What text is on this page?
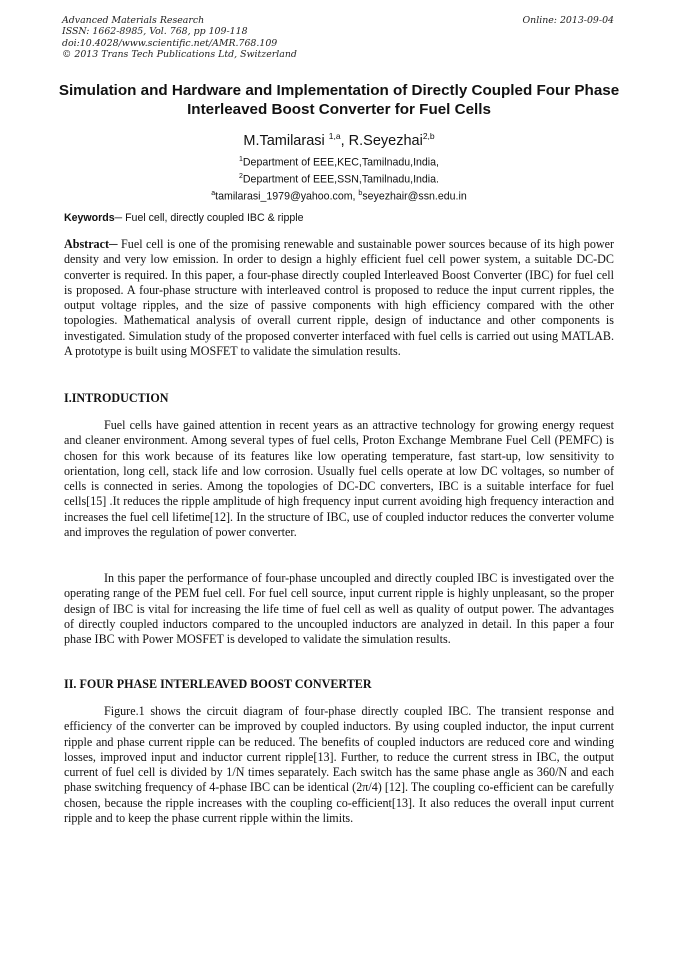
Advanced Materials Research
ISSN: 1662-8985, Vol. 768, pp 109-118
doi:10.4028/www.scientific.net/AMR.768.109
© 2013 Trans Tech Publications Ltd, Switzerland
Online: 2013-09-04
Simulation and Hardware and Implementation of Directly Coupled Four Phase Interleaved Boost Converter for Fuel Cells
M.Tamilarasi $^{1,a}$, R.Seyezhai$^{2,b}$
$^1$Department of EEE,KEC,Tamilnadu,India,
$^2$Department of EEE,SSN,Tamilnadu,India.
$^a$tamilarasi_1979@yahoo.com, $^b$seyezhair@ssn.edu.in
Keywords─ Fuel cell, directly coupled IBC & ripple
Abstract─ Fuel cell is one of the promising renewable and sustainable power sources because of its high power density and very low emission. In order to design a highly efficient fuel cell power system, a suitable DC-DC converter is required. In this paper, a four-phase directly coupled Interleaved Boost Converter (IBC) for fuel cell is proposed. A four-phase structure with interleaved control is proposed to reduce the input current ripples, the output voltage ripples, and the size of passive components with high efficiency compared with the other topologies. Mathematical analysis of overall current ripple, design of inductance and other components is investigated. Simulation study of the proposed converter interfaced with fuel cells is carried out using MATLAB. A prototype is built using MOSFET to validate the simulation results.
I.INTRODUCTION
Fuel cells have gained attention in recent years as an attractive technology for growing energy request and cleaner environment. Among several types of fuel cells, Proton Exchange Membrane Fuel Cell (PEMFC) is chosen for this work because of its features like low operating temperature, fast start-up, low sensitivity to orientation, long cell, stack life and low corrosion. Usually fuel cells operate at low DC voltages, so number of cells is connected in series. Among the topologies of DC-DC converters, IBC is a suitable interface for fuel cells[15] .It reduces the ripple amplitude of high frequency input current avoiding high frequency interaction and increases the fuel cell lifetime[12]. In the structure of IBC, use of coupled inductor reduces the converter volume and improves the regulation of power converter.
In this paper the performance of four-phase uncoupled and directly coupled IBC is investigated over the operating range of the PEM fuel cell. For fuel cell source, input current ripple is highly unpleasant, so the proper design of IBC is vital for increasing the life time of fuel cell as well as quality of output power. The advantages of directly coupled inductors compared to the uncoupled inductors are analyzed in detail. In this paper a four phase IBC with Power MOSFET is developed to validate the simulation results.
II. FOUR PHASE INTERLEAVED BOOST CONVERTER
Figure.1 shows the circuit diagram of four-phase directly coupled IBC. The transient response and efficiency of the converter can be improved by coupled inductors. By using coupled inductor, the input current ripple and phase current ripple can be reduced. The benefits of coupled inductors are reduced core and winding losses, improved input and inductor current ripple[13]. Further, to reduce the current stress in IBC, the output current of fuel cell is divided by 1/N times separately. Each switch has the same phase angle as 360/N and each phase switching frequency of 4-phase IBC can be identical (2π/4) [12]. The coupling co-efficient can be carefully chosen, because the ripple increases with the coupling co-efficient[13]. It also reduces the overall input current ripple and to keep the phase current ripple within the limits.
